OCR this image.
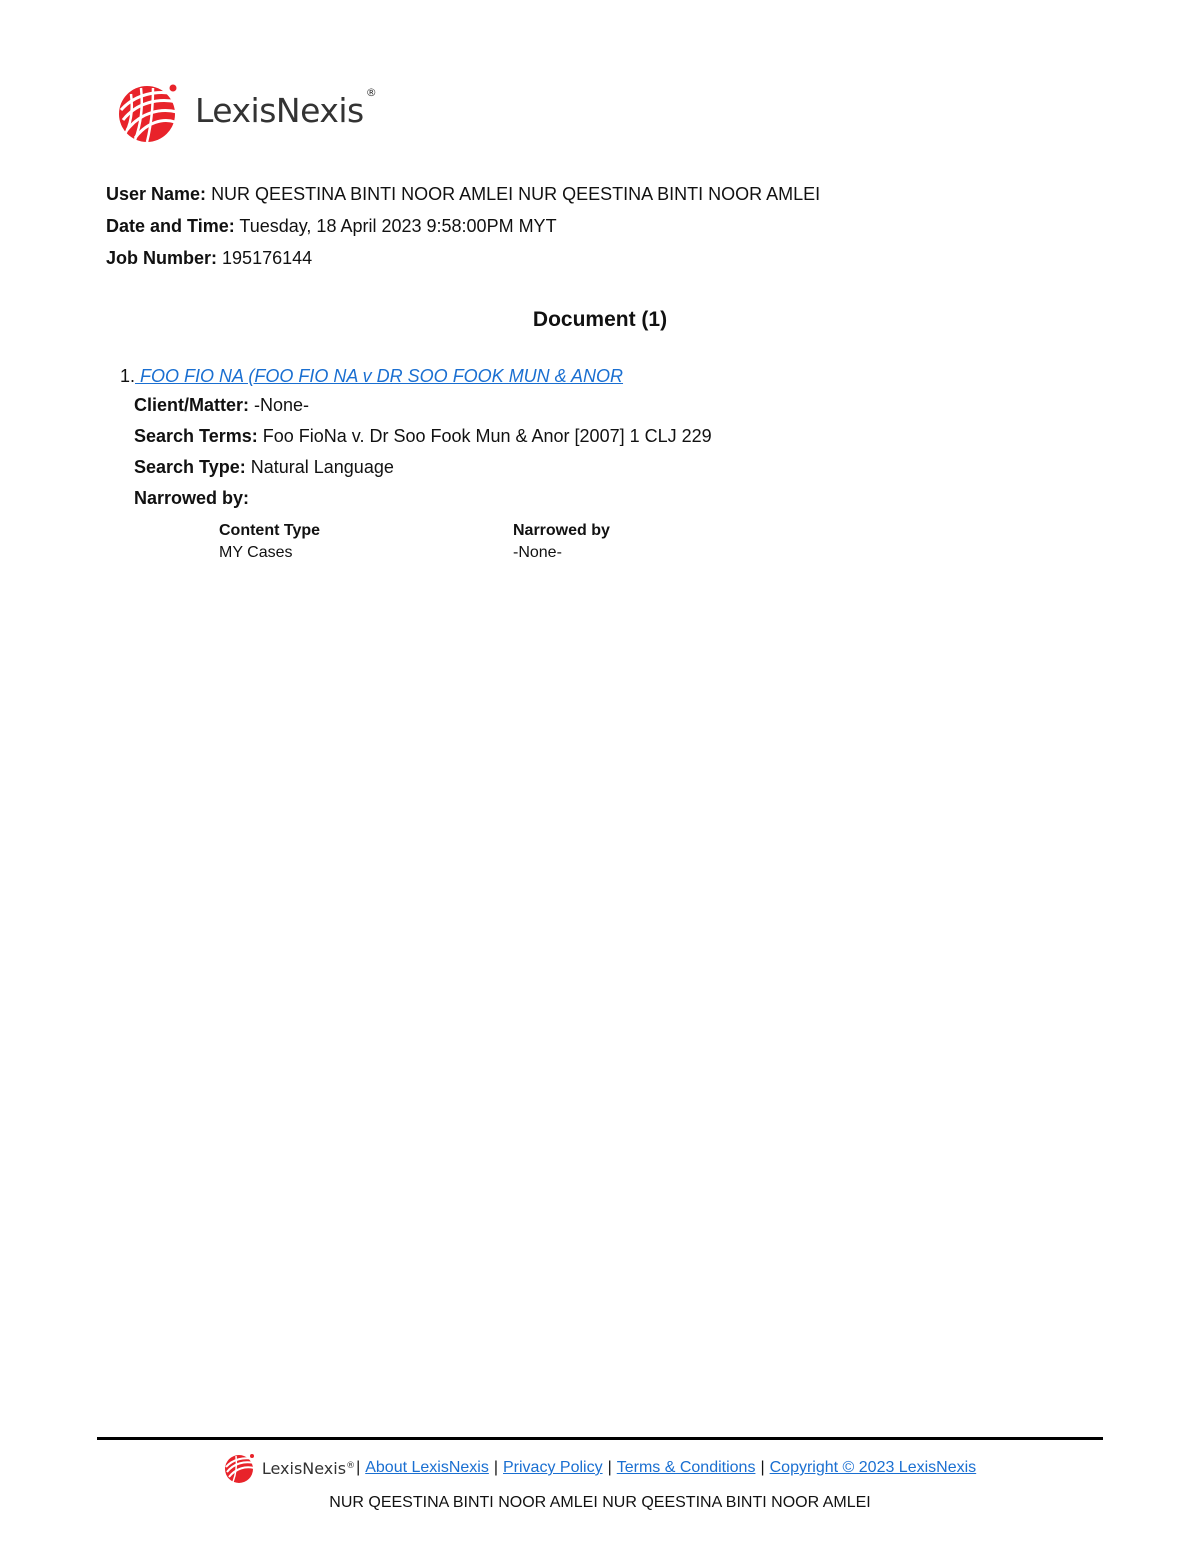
LexisNexis ®
User Name: NUR QEESTINA BINTI NOOR AMLEI NUR QEESTINA BINTI NOOR AMLEI
Date and Time: Tuesday, 18 April 2023 9:58:00PM MYT
Job Number: 195176144
Document (1)
1. FOO FIO NA (FOO FIO NA v DR SOO FOOK MUN & ANOR
Client/Matter: -None-
Search Terms: Foo FioNa v. Dr Soo Fook Mun & Anor [2007] 1 CLJ 229
Search Type: Natural Language
Narrowed by:
Content Type
MY Cases
Narrowed by
-None-
LexisNexis® | About LexisNexis | Privacy Policy | Terms & Conditions | Copyright © 2023 LexisNexis
NUR QEESTINA BINTI NOOR AMLEI NUR QEESTINA BINTI NOOR AMLEI
